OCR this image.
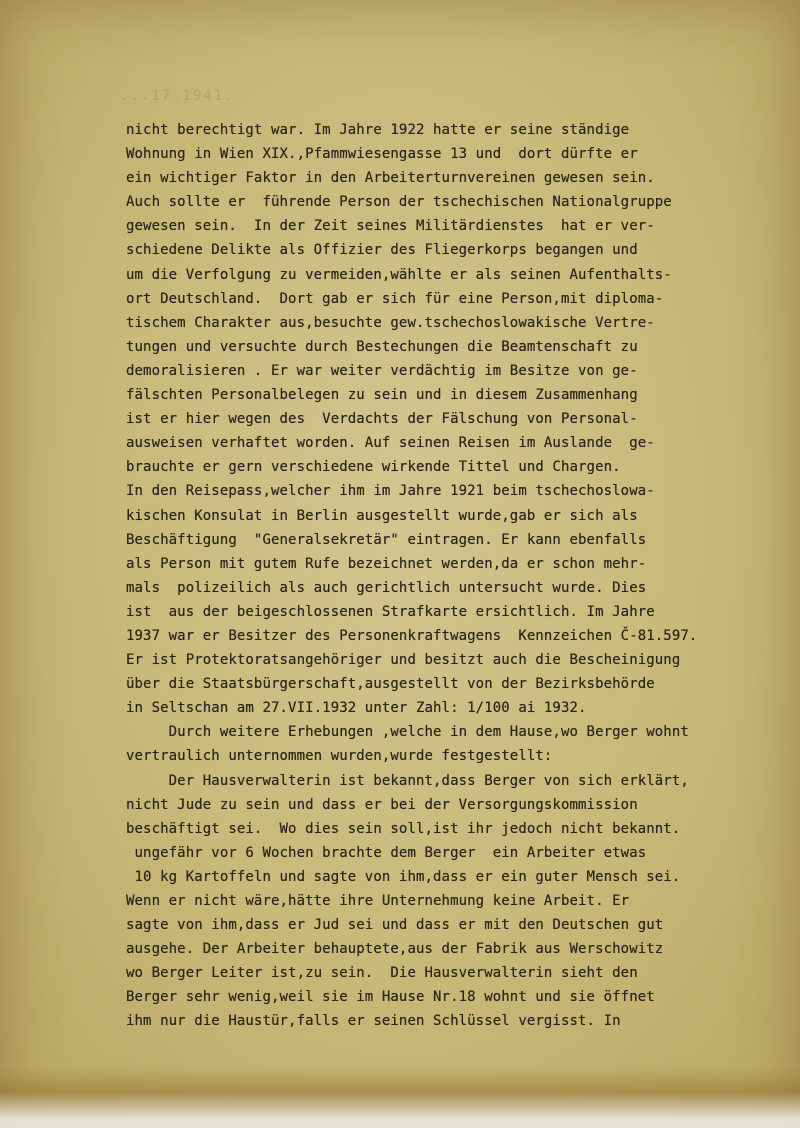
...17.1941.
nicht berechtigt war. Im Jahre 1922 hatte er seine ständige
Wohnung in Wien XIX.,Pfammwiesengasse 13 und  dort dürfte er
ein wichtiger Faktor in den Arbeiterturnvereinen gewesen sein.
Auch sollte er  führende Person der tschechischen Nationalgruppe
gewesen sein.  In der Zeit seines Militärdienstes  hat er ver-
schiedene Delikte als Offizier des Fliegerkorps begangen und
um die Verfolgung zu vermeiden,wählte er als seinen Aufenthalts-
ort Deutschland.  Dort gab er sich für eine Person,mit diploma-
tischem Charakter aus,besuchte gew.tschechoslowakische Vertre-
tungen und versuchte durch Bestechungen die Beamtenschaft zu
demoralisieren . Er war weiter verdächtig im Besitze von ge-
fälschten Personalbelegen zu sein und in diesem Zusammenhang
ist er hier wegen des  Verdachts der Fälschung von Personal-
ausweisen verhaftet worden. Auf seinen Reisen im Auslande  ge-
brauchte er gern verschiedene wirkende Tittel und Chargen.
In den Reisepass,welcher ihm im Jahre 1921 beim tschechoslowa-
kischen Konsulat in Berlin ausgestellt wurde,gab er sich als
Beschäftigung  "Generalsekretär" eintragen. Er kann ebenfalls
als Person mit gutem Rufe bezeichnet werden,da er schon mehr-
mals  polizeilich als auch gerichtlich untersucht wurde. Dies
ist  aus der beigeschlossenen Strafkarte ersichtlich. Im Jahre
1937 war er Besitzer des Personenkraftwagens  Kennzeichen Č-81.597.
Er ist Protektoratsangehöriger und besitzt auch die Bescheinigung
über die Staatsbürgerschaft,ausgestellt von der Bezirksbehörde
in Seltschan am 27.VII.1932 unter Zahl: 1/100 ai 1932.
Durch weitere Erhebungen ,welche in dem Hause,wo Berger wohnt
vertraulich unternommen wurden,wurde festgestellt:
Der Hausverwalterin ist bekannt,dass Berger von sich erklärt,
nicht Jude zu sein und dass er bei der Versorgungskommission
beschäftigt sei.  Wo dies sein soll,ist ihr jedoch nicht bekannt.
ungefähr vor 6 Wochen brachte dem Berger  ein Arbeiter etwas
10 kg Kartoffeln und sagte von ihm,dass er ein guter Mensch sei.
Wenn er nicht wäre,hätte ihre Unternehmung keine Arbeit. Er
sagte von ihm,dass er Jud sei und dass er mit den Deutschen gut
ausgehe. Der Arbeiter behauptete,aus der Fabrik aus Werschowitz
wo Berger Leiter ist,zu sein.  Die Hausverwalterin sieht den
Berger sehr wenig,weil sie im Hause Nr.18 wohnt und sie öffnet
ihm nur die Haustür,falls er seinen Schlüssel vergisst. In
